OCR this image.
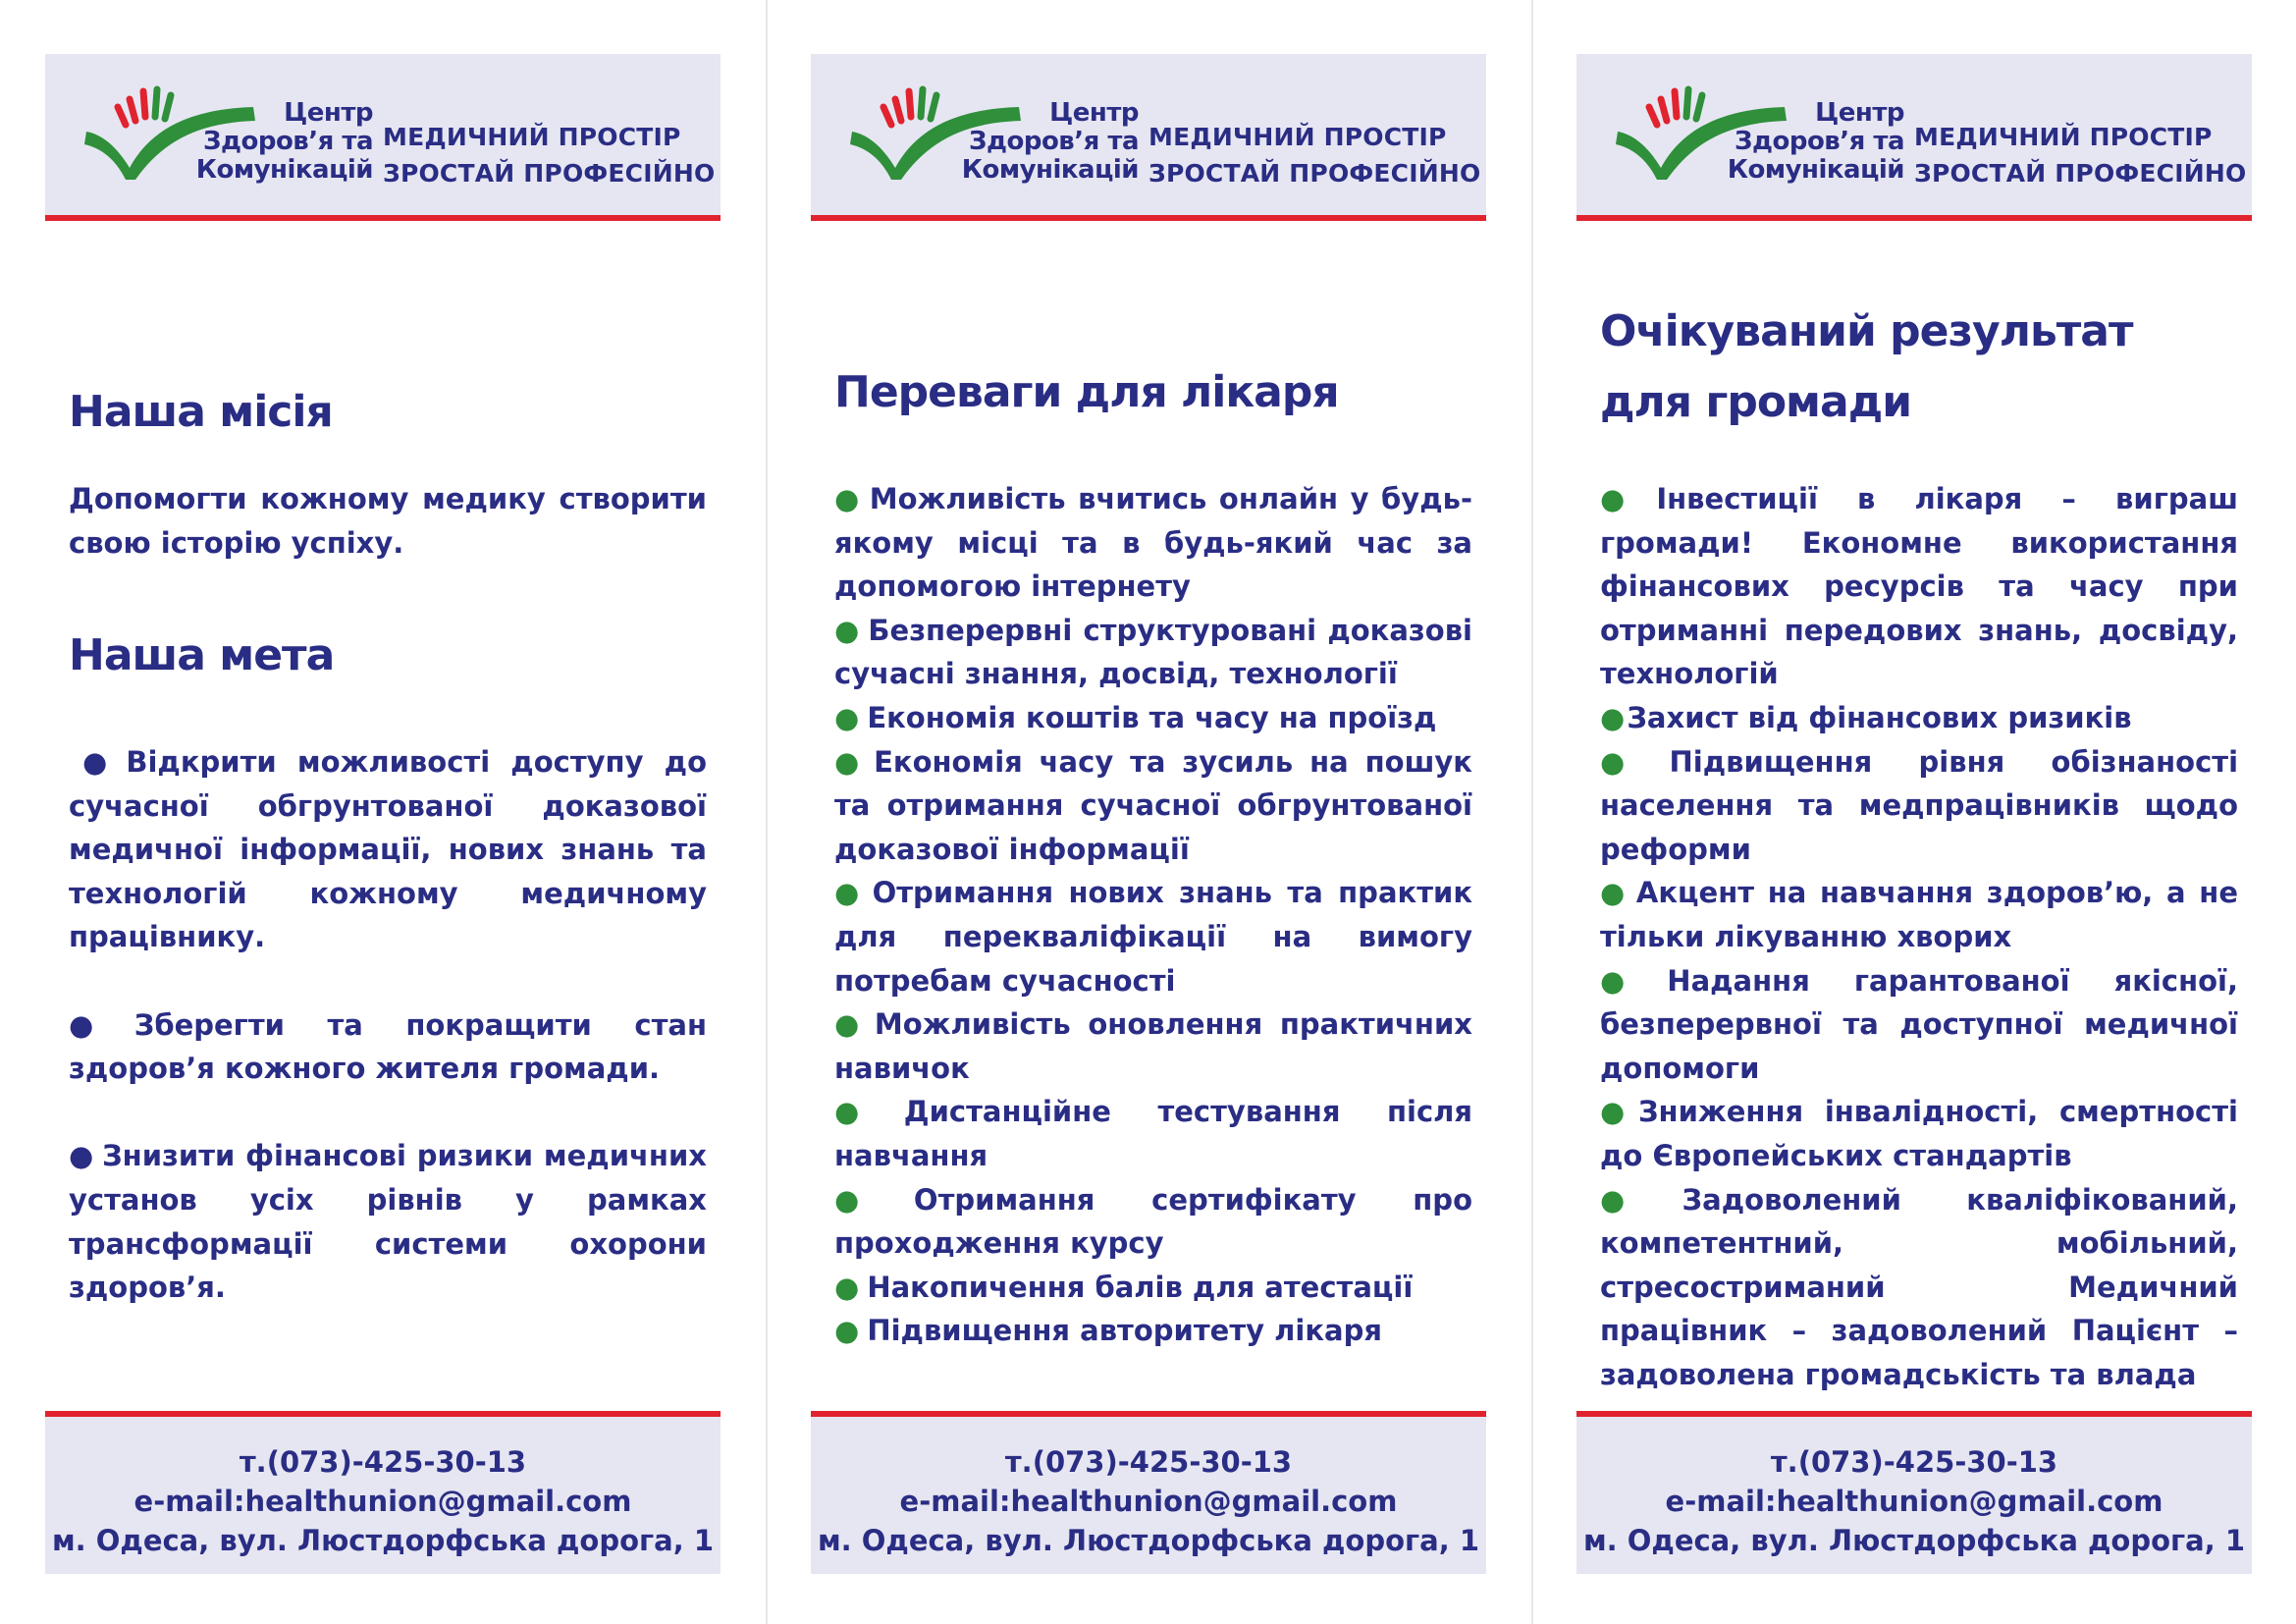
Центр
Здоров’я та
Комунікацій
МЕДИЧНИЙ ПРОСТІР
ЗРОСТАЙ ПРОФЕСІЙНО
Наша місія

Допомогти кожному медику створити свою історію успіху.

Наша мета
● Відкрити можливості доступу до сучасної обгрунтованої доказової медичної інформації, нових знань та технологій кожному медичному працівнику.
● Зберегти та покращити стан здоров’я кожного жителя громади.
● Знизити фінансові ризики медичних установ усіх рівнів у рамках трансформації системи охорони здоров’я.
т.(073)-425-30-13
e-mail:healthunion@gmail.com
м. Одеса, вул. Люстдорфська дорога, 1
Центр
Здоров’я та
Комунікацій
МЕДИЧНИЙ ПРОСТІР
ЗРОСТАЙ ПРОФЕСІЙНО
Переваги для лікаря
● Можливість вчитись онлайн у будь-якому місці та в будь-який час за допомогою інтернету
● Безперервні структуровані доказові сучасні знання, досвід, технології
● Економія коштів та часу на проїзд
● Економія часу та зусиль на пошук та отримання сучасної обгрунтованої доказової інформації
● Отримання нових знань та практик для перекваліфікації на вимогу потребам сучасності
● Можливість оновлення практичних навичок
● Дистанційне тестування після навчання
● Отримання сертифікату про проходження курсу
● Накопичення балів для атестації
● Підвищення авторитету лікаря
т.(073)-425-30-13
e-mail:healthunion@gmail.com
м. Одеса, вул. Люстдорфська дорога, 1
Центр
Здоров’я та
Комунікацій
МЕДИЧНИЙ ПРОСТІР
ЗРОСТАЙ ПРОФЕСІЙНО
Очікуваний результат для громади
●Інвестиції в лікаря – виграш громади! Економне використання фінансових ресурсів та часу при отриманні передових знань, досвіду, технологій
●Захист від фінансових ризиків
● Підвищення рівня обізнаності населення та медпрацівників щодо реформи
● Акцент на навчання здоров’ю, а не тільки лікуванню хворих
● Надання гарантованої якісної, безперервної та доступної медичної допомоги
●Зниження інвалідності, смертності до Європейських стандартів
●Задоволений кваліфікований, компетентний, мобільний, стресостриманий Медичний працівник – задоволений Пацієнт – задоволена громадськість та влада
т.(073)-425-30-13
e-mail:healthunion@gmail.com
м. Одеса, вул. Люстдорфська дорога, 1
